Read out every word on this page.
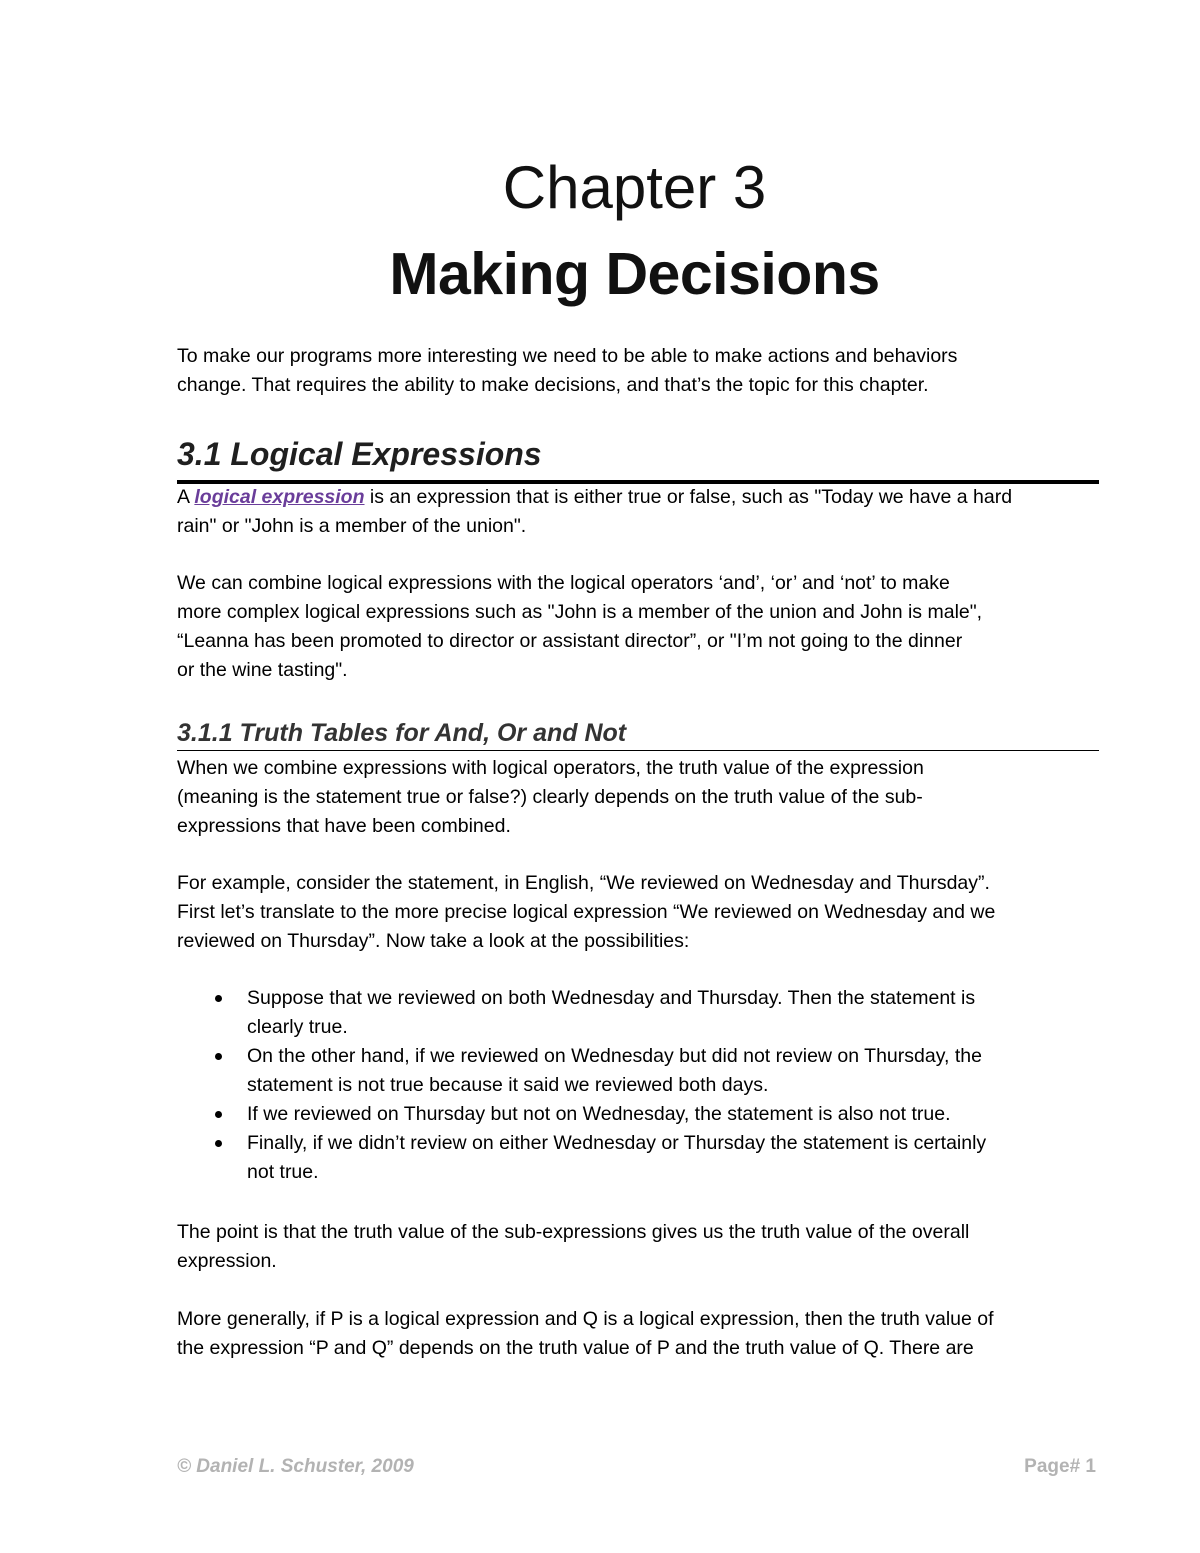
Chapter 3
Making Decisions

To make our programs more interesting we need to be able to make actions and behaviors
change. That requires the ability to make decisions, and that’s the topic for this chapter.

3.1 Logical Expressions

A logical expression is an expression that is either true or false, such as "Today we have a hard
rain" or "John is a member of the union".

We can combine logical expressions with the logical operators ‘and’, ‘or’ and ‘not’ to make
more complex logical expressions such as "John is a member of the union and John is male",
“Leanna has been promoted to director or assistant director”, or "I’m not going to the dinner
or the wine tasting".

3.1.1 Truth Tables for And, Or and Not

When we combine expressions with logical operators, the truth value of the expression
(meaning is the statement true or false?) clearly depends on the truth value of the sub-
expressions that have been combined.

For example, consider the statement, in English, “We reviewed on Wednesday and Thursday”.
First let’s translate to the more precise logical expression “We reviewed on Wednesday and we
reviewed on Thursday”. Now take a look at the possibilities:

Suppose that we reviewed on both Wednesday and Thursday. Then the statement is
clearly true.
On the other hand, if we reviewed on Wednesday but did not review on Thursday, the
statement is not true because it said we reviewed both days.
If we reviewed on Thursday but not on Wednesday, the statement is also not true.
Finally, if we didn’t review on either Wednesday or Thursday the statement is certainly
not true.

The point is that the truth value of the sub-expressions gives us the truth value of the overall
expression.

More generally, if P is a logical expression and Q is a logical expression, then the truth value of
the expression “P and Q” depends on the truth value of P and the truth value of Q. There are

© Daniel L. Schuster, 2009	Page# 1
